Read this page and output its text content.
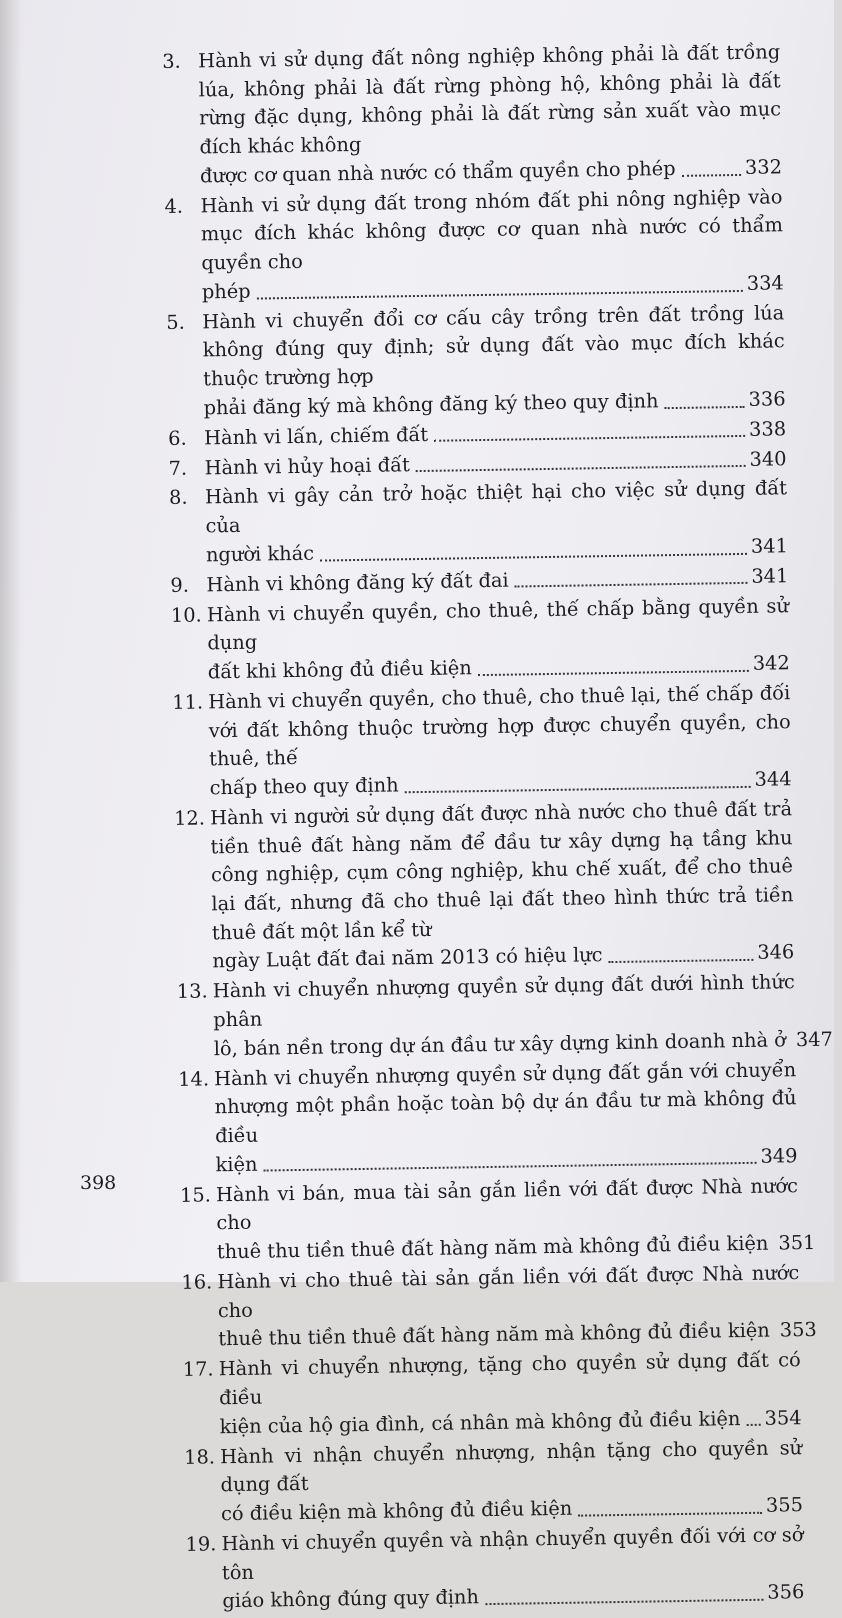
3. Hành vi sử dụng đất nông nghiệp không phải là đất trồng lúa, không phải là đất rừng phòng hộ, không phải là đất rừng đặc dụng, không phải là đất rừng sản xuất vào mục đích khác không
được cơ quan nhà nước có thẩm quyền cho phép	332
4. Hành vi sử dụng đất trong nhóm đất phi nông nghiệp vào mục đích khác không được cơ quan nhà nước có thẩm quyền cho
phép	334
5. Hành vi chuyển đổi cơ cấu cây trồng trên đất trồng lúa không đúng quy định; sử dụng đất vào mục đích khác thuộc trường hợp
phải đăng ký mà không đăng ký theo quy định	336
6. Hành vi lấn, chiếm đất	338
7. Hành vi hủy hoại đất	340
8. Hành vi gây cản trở hoặc thiệt hại cho việc sử dụng đất của
người khác	341
9. Hành vi không đăng ký đất đai	341
10. Hành vi chuyển quyền, cho thuê, thế chấp bằng quyền sử dụng
đất khi không đủ điều kiện	342
11. Hành vi chuyển quyền, cho thuê, cho thuê lại, thế chấp đối với đất không thuộc trường hợp được chuyển quyền, cho thuê, thế
chấp theo quy định	344
12. Hành vi người sử dụng đất được nhà nước cho thuê đất trả tiền thuê đất hàng năm để đầu tư xây dựng hạ tầng khu công nghiệp, cụm công nghiệp, khu chế xuất, để cho thuê lại đất, nhưng đã cho thuê lại đất theo hình thức trả tiền thuê đất một lần kể từ
ngày Luật đất đai năm 2013 có hiệu lực	346
13. Hành vi chuyển nhượng quyền sử dụng đất dưới hình thức phân
lô, bán nền trong dự án đầu tư xây dựng kinh doanh nhà ở 347
14. Hành vi chuyển nhượng quyền sử dụng đất gắn với chuyển nhượng một phần hoặc toàn bộ dự án đầu tư mà không đủ điều
kiện	349
15. Hành vi bán, mua tài sản gắn liền với đất được Nhà nước cho
thuê thu tiền thuê đất hàng năm mà không đủ điều kiện 351
16. Hành vi cho thuê tài sản gắn liền với đất được Nhà nước cho
thuê thu tiền thuê đất hàng năm mà không đủ điều kiện 353
17. Hành vi chuyển nhượng, tặng cho quyền sử dụng đất có điều
kiện của hộ gia đình, cá nhân mà không đủ điều kiện 354
18. Hành vi nhận chuyển nhượng, nhận tặng cho quyền sử dụng đất
có điều kiện mà không đủ điều kiện	355
19. Hành vi chuyển quyền và nhận chuyển quyền đối với cơ sở tôn
giáo không đúng quy định	356
398
